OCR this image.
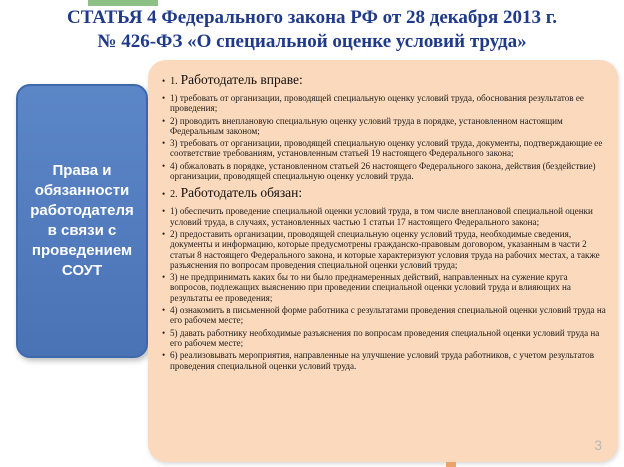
СТАТЬЯ 4 Федерального закона РФ от 28 декабря 2013 г.
№ 426-ФЗ «О специальной оценке условий труда»
Права и обязанности работодателя в связи с проведением СОУТ
• 1. Работодатель вправе:
• 1) требовать от организации, проводящей специальную оценку условий труда, обоснования результатов ее проведения;
• 2) проводить внеплановую специальную оценку условий труда в порядке, установленном настоящим Федеральным законом;
• 3) требовать от организации, проводящей специальную оценку условий труда, документы, подтверждающие ее соответствие требованиям, установленным статьей 19 настоящего Федерального закона;
• 4) обжаловать в порядке, установленном статьей 26 настоящего Федерального закона, действия (бездействие) организации, проводящей специальную оценку условий труда.
• 2. Работодатель обязан:
• 1) обеспечить проведение специальной оценки условий труда, в том числе внеплановой специальной оценки условий труда, в случаях, установленных частью 1 статьи 17 настоящего Федерального закона;
• 2) предоставить организации, проводящей специальную оценку условий труда, необходимые сведения, документы и информацию, которые предусмотрены гражданско-правовым договором, указанным в части 2 статьи 8 настоящего Федерального закона, и которые характеризуют условия труда на рабочих местах, а также разъяснения по вопросам проведения специальной оценки условий труда;
• 3) не предпринимать каких бы то ни было преднамеренных действий, направленных на сужение круга вопросов, подлежащих выяснению при проведении специальной оценки условий труда и влияющих на результаты ее проведения;
• 4) ознакомить в письменной форме работника с результатами проведения специальной оценки условий труда на его рабочем месте;
• 5) давать работнику необходимые разъяснения по вопросам проведения специальной оценки условий труда на его рабочем месте;
• 6) реализовывать мероприятия, направленные на улучшение условий труда работников, с учетом результатов проведения специальной оценки условий труда.
3
